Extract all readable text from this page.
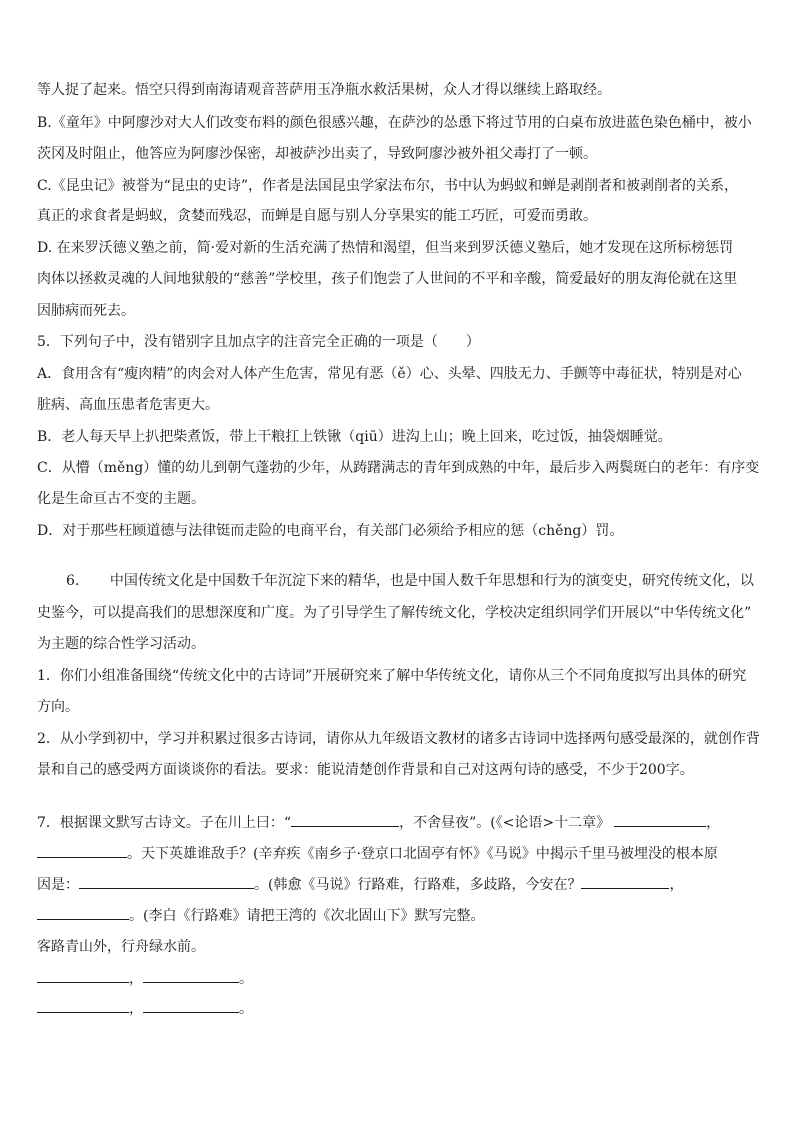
等人捉了起来。悟空只得到南海请观音菩萨用玉净瓶水救活果树，众人才得以继续上路取经。
B.《童年》中阿廖沙对大人们改变布料的颜色很感兴趣，在萨沙的怂恿下将过节用的白桌布放进蓝色染色桶中，被小
茨冈及时阻止，他答应为阿廖沙保密，却被萨沙出卖了，导致阿廖沙被外祖父毒打了一顿。
C.《昆虫记》被誉为“昆虫的史诗”，作者是法国昆虫学家法布尔，书中认为蚂蚁和蝉是剥削者和被剥削者的关系，
真正的求食者是蚂蚁，贪婪而残忍，而蝉是自愿与别人分享果实的能工巧匠，可爱而勇敢。
D. 在来罗沃德义塾之前，简·爱对新的生活充满了热情和渴望，但当来到罗沃德义塾后，她才发现在这所标榜惩罚
肉体以拯救灵魂的人间地狱般的“慈善”学校里，孩子们饱尝了人世间的不平和辛酸，简爱最好的朋友海伦就在这里
因肺病而死去。
5．下列句子中，没有错别字且加点字的注音完全正确的一项是（　　）
A．食用含有“瘦肉精”的肉会对人体产生危害，常见有恶（ě）心、头晕、四肢无力、手颤等中毒征状，特别是对心
脏病、高血压患者危害更大。
B．老人每天早上扒把柴煮饭，带上干粮扛上铁锹（qiū）进沟上山；晚上回来，吃过饭，抽袋烟睡觉。
C．从懵（měng）懂的幼儿到朝气蓬勃的少年，从踌躇满志的青年到成熟的中年，最后步入两鬓斑白的老年：有序变
化是生命亘古不变的主题。
D．对于那些枉顾道德与法律铤而走险的电商平台，有关部门必须给予相应的惩（chěng）罚。
6．　　中国传统文化是中国数千年沉淀下来的精华，也是中国人数千年思想和行为的演变史，研究传统文化，以
史鉴今，可以提高我们的思想深度和广度。为了引导学生了解传统文化，学校决定组织同学们开展以“中华传统文化”
为主题的综合性学习活动。
1．你们小组准备围绕“传统文化中的古诗词”开展研究来了解中华传统文化，请你从三个不同角度拟写出具体的研究
方向。
2．从小学到初中，学习并积累过很多古诗词，请你从九年级语文教材的诸多古诗词中选择两句感受最深的，就创作背
景和自己的感受两方面谈谈你的看法。要求：能说清楚创作背景和自己对这两句诗的感受，不少于200字。
7．根据课文默写古诗文。子在川上曰：“	，不舍昼夜”。(《<论语>十二章》	，
。天下英雄谁敌手？(辛弃疾《南乡子·登京口北固亭有怀》《马说》中揭示千里马被埋没的根本原
因是：	。(韩愈《马说》行路难，行路难，多歧路，今安在？	，
。(李白《行路难》请把王湾的《次北固山下》默写完整。
客路青山外，行舟绿水前。
，	。
，	。
